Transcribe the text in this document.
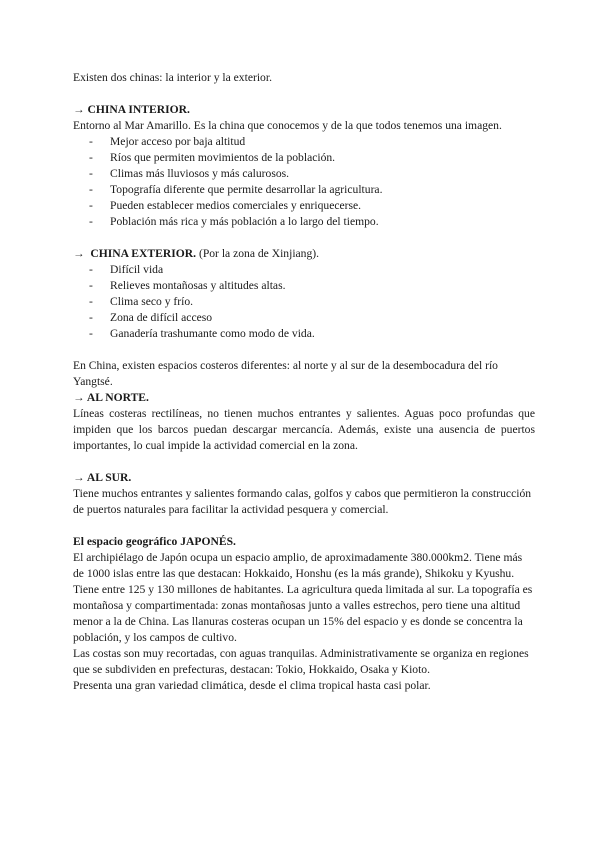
Existen dos chinas: la interior y la exterior.

→ CHINA INTERIOR.

Entorno al Mar Amarillo. Es la china que conocemos y de la que todos tenemos una imagen.

- Mejor acceso por baja altitud
- Ríos que permiten movimientos de la población.
- Climas más lluviosos y más calurosos.
- Topografía diferente que permite desarrollar la agricultura.
- Pueden establecer medios comerciales y enriquecerse.
- Población más rica y más población a lo largo del tiempo.

→ CHINA EXTERIOR. (Por la zona de Xinjiang).

- Difícil vida
- Relieves montañosas y altitudes altas.
- Clima seco y frío.
- Zona de difícil acceso
- Ganadería trashumante como modo de vida.

En China, existen espacios costeros diferentes: al norte y al sur de la desembocadura del río Yangtsé.

→ AL NORTE.

Líneas costeras rectilíneas, no tienen muchos entrantes y salientes. Aguas poco profundas que impiden que los barcos puedan descargar mercancía. Además, existe una ausencia de puertos importantes, lo cual impide la actividad comercial en la zona.

→ AL SUR.

Tiene muchos entrantes y salientes formando calas, golfos y cabos que permitieron la construcción de puertos naturales para facilitar la actividad pesquera y comercial.

El espacio geográfico JAPONÉS.

El archipiélago de Japón ocupa un espacio amplio, de aproximadamente 380.000km2. Tiene más de 1000 islas entre las que destacan: Hokkaido, Honshu (es la más grande), Shikoku y Kyushu.

Tiene entre 125 y 130 millones de habitantes. La agricultura queda limitada al sur. La topografía es montañosa y compartimentada: zonas montañosas junto a valles estrechos, pero tiene una altitud menor a la de China. Las llanuras costeras ocupan un 15% del espacio y es donde se concentra la población, y los campos de cultivo.

Las costas son muy recortadas, con aguas tranquilas. Administrativamente se organiza en regiones que se subdividen en prefecturas, destacan: Tokio, Hokkaido, Osaka y Kioto.

Presenta una gran variedad climática, desde el clima tropical hasta casi polar.
